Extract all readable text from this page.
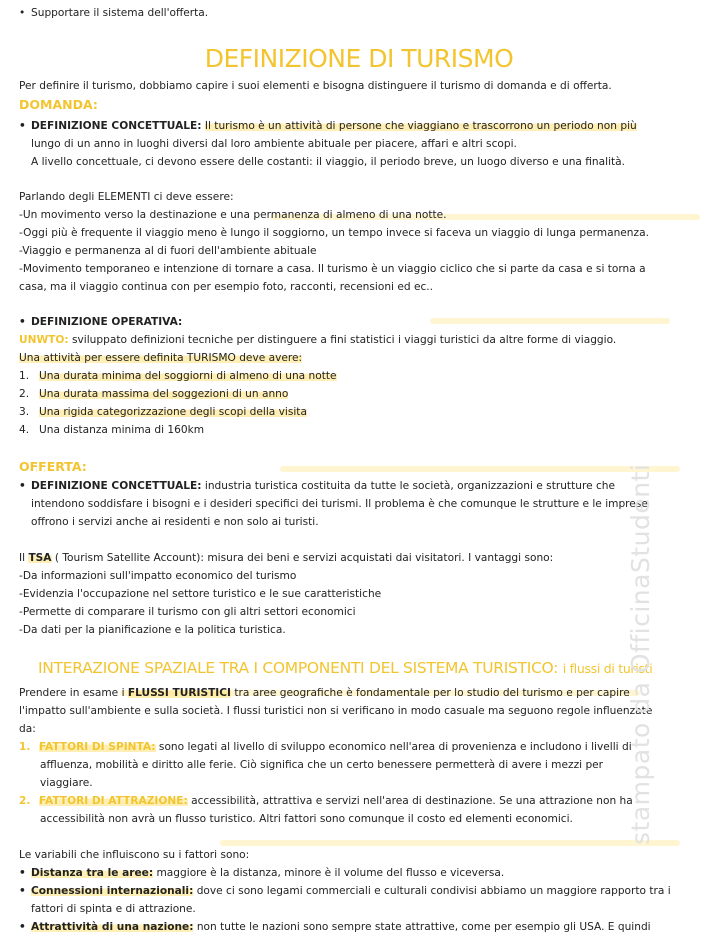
• Supportare il sistema dell'offerta.
DEFINIZIONE DI TURISMO
Per definire il turismo, dobbiamo capire i suoi elementi e bisogna distinguere il turismo di domanda e di offerta.
DOMANDA:
• DEFINIZIONE CONCETTUALE: Il turismo è un attività di persone che viaggiano e trascorrono un periodo non più
lungo di un anno in luoghi diversi dal loro ambiente abituale per piacere, affari e altri scopi.
A livello concettuale, ci devono essere delle costanti: il viaggio, il periodo breve, un luogo diverso e una finalità.
Parlando degli ELEMENTI ci deve essere:
-Un movimento verso la destinazione e una permanenza di almeno di una notte.
-Oggi più è frequente il viaggio meno è lungo il soggiorno, un tempo invece si faceva un viaggio di lunga permanenza.
-Viaggio e permanenza al di fuori dell'ambiente abituale
-Movimento temporaneo e intenzione di tornare a casa. Il turismo è un viaggio ciclico che si parte da casa e si torna a
casa, ma il viaggio continua con per esempio foto, racconti, recensioni ed ec..
• DEFINIZIONE OPERATIVA:
UNWTO: sviluppato definizioni tecniche per distinguere a fini statistici i viaggi turistici da altre forme di viaggio.
Una attività per essere definita TURISMO deve avere:
1. Una durata minima del soggiorni di almeno di una notte
2. Una durata massima del soggezioni di un anno
3. Una rigida categorizzazione degli scopi della visita
4. Una distanza minima di 160km
OFFERTA:
• DEFINIZIONE CONCETTUALE: industria turistica costituita da tutte le società, organizzazioni e strutture che
intendono soddisfare i bisogni e i desideri specifici dei turismi. Il problema è che comunque le strutture e le imprese
offrono i servizi anche ai residenti e non solo ai turisti.
Il TSA ( Tourism Satellite Account): misura dei beni e servizi acquistati dai visitatori. I vantaggi sono:
-Da informazioni sull'impatto economico del turismo
-Evidenzia l'occupazione nel settore turistico e le sue caratteristiche
-Permette di comparare il turismo con gli altri settori economici
-Da dati per la pianificazione e la politica turistica.
INTERAZIONE SPAZIALE TRA I COMPONENTI DEL SISTEMA TURISTICO: i flussi di turisti
Prendere in esame i FLUSSI TURISTICI tra aree geografiche è fondamentale per lo studio del turismo e per capire
l'impatto sull'ambiente e sulla società. I flussi turistici non si verificano in modo casuale ma seguono regole influenzate
da:
1. FATTORI DI SPINTA: sono legati al livello di sviluppo economico nell'area di provenienza e includono i livelli di
affluenza, mobilità e diritto alle ferie. Ciò significa che un certo benessere permetterà di avere i mezzi per
viaggiare.
2. FATTORI DI ATTRAZIONE: accessibilità, attrattiva e servizi nell'area di destinazione. Se una attrazione non ha
accessibilità non avrà un flusso turistico. Altri fattori sono comunque il costo ed elementi economici.
Le variabili che influiscono su i fattori sono:
• Distanza tra le aree: maggiore è la distanza, minore è il volume del flusso e viceversa.
• Connessioni internazionali: dove ci sono legami commerciali e culturali condivisi abbiamo un maggiore rapporto tra i
fattori di spinta e di attrazione.
• Attrattività di una nazione: non tutte le nazioni sono sempre state attrattive, come per esempio gli USA. E quindi
stampato da OfficinaStudenti
